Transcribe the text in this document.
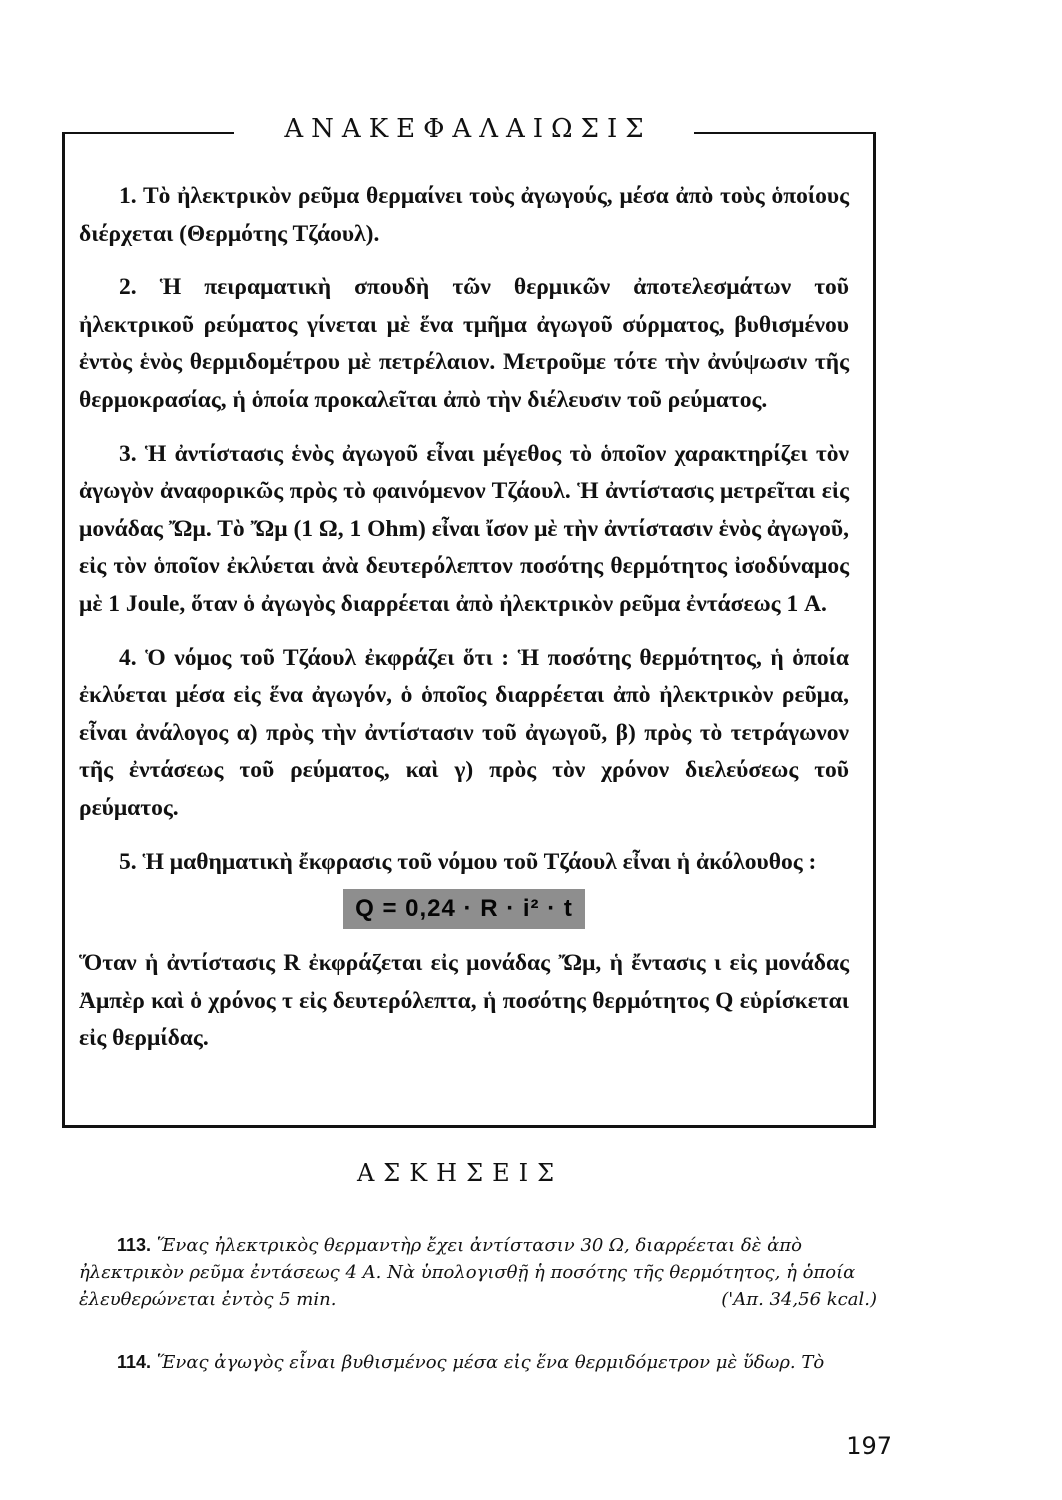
ΑΝΑΚΕΦΑΛΑΙΩΣΙΣ

1. Τὸ ἠλεκτρικὸν ρεῦμα θερμαίνει τοὺς ἀγωγούς, μέσα ἀπὸ τοὺς ὁποίους διέρχεται (Θερμότης Τζάουλ).

2. Ἡ πειραματικὴ σπουδὴ τῶν θερμικῶν ἀποτελεσμάτων τοῦ ἠλεκτρικοῦ ρεύματος γίνεται μὲ ἕνα τμῆμα ἀγωγοῦ σύρματος, βυθισμένου ἐντὸς ἑνὸς θερμιδομέτρου μὲ πετρέλαιον. Μετροῦμε τότε τὴν ἀνύψωσιν τῆς θερμοκρασίας, ἡ ὁποία προκαλεῖται ἀπὸ τὴν διέλευσιν τοῦ ρεύματος.

3. Ἡ ἀντίστασις ἑνὸς ἀγωγοῦ εἶναι μέγεθος τὸ ὁποῖον χαρακτηρίζει τὸν ἀγωγὸν ἀναφορικῶς πρὸς τὸ φαινόμενον Τζάουλ. Ἡ ἀντίστασις μετρεῖται εἰς μονάδας Ὤμ. Τὸ Ὤμ (1 Ω, 1 Ohm) εἶναι ἴσον μὲ τὴν ἀντίστασιν ἑνὸς ἀγωγοῦ, εἰς τὸν ὁποῖον ἐκλύεται ἀνὰ δευτερόλεπτον ποσότης θερμότητος ἰσοδύναμος μὲ 1 Joule, ὅταν ὁ ἀγωγὸς διαρρέεται ἀπὸ ἠλεκτρικὸν ρεῦμα ἐντάσεως 1 A.

4. Ὁ νόμος τοῦ Τζάουλ ἐκφράζει ὅτι : Ἡ ποσότης θερμότητος, ἡ ὁποία ἐκλύεται μέσα εἰς ἕνα ἀγωγόν, ὁ ὁποῖος διαρρέεται ἀπὸ ἠλεκτρικὸν ρεῦμα, εἶναι ἀνάλογος α) πρὸς τὴν ἀντίστασιν τοῦ ἀγωγοῦ, β) πρὸς τὸ τετράγωνον τῆς ἐντάσεως τοῦ ρεύματος, καὶ γ) πρὸς τὸν χρόνον διελεύσεως τοῦ ρεύματος.

5. Ἡ μαθηματικὴ ἔκφρασις τοῦ νόμου τοῦ Τζάουλ εἶναι ἡ ἀκόλουθος :

Q = 0,24 · R · i² · t

Ὅταν ἡ ἀντίστασις R ἐκφράζεται εἰς μονάδας Ὤμ, ἡ ἔντασις ι εἰς μονάδας Ἀμπὲρ καὶ ὁ χρόνος τ εἰς δευτερόλεπτα, ἡ ποσότης θερμότητος Q εὑρίσκεται εἰς θερμίδας.

ΑΣΚΗΣΕΙΣ
113. Ἕνας ἠλεκτρικὸς θερμαντὴρ ἔχει ἀντίστασιν 30 Ω, διαρρέεται δὲ ἀπὸ
ἠλεκτρικὸν ρεῦμα ἐντάσεως 4 A. Νὰ ὑπολογισθῇ ἡ ποσότης τῆς θερμότητος, ἡ ὁποία
ἐλευθερώνεται ἐντὸς 5 min.	('Απ. 34,56 kcal.)
114. Ἕνας ἀγωγὸς εἶναι βυθισμένος μέσα εἰς ἕνα θερμιδόμετρον μὲ ὕδωρ. Τὸ
197
